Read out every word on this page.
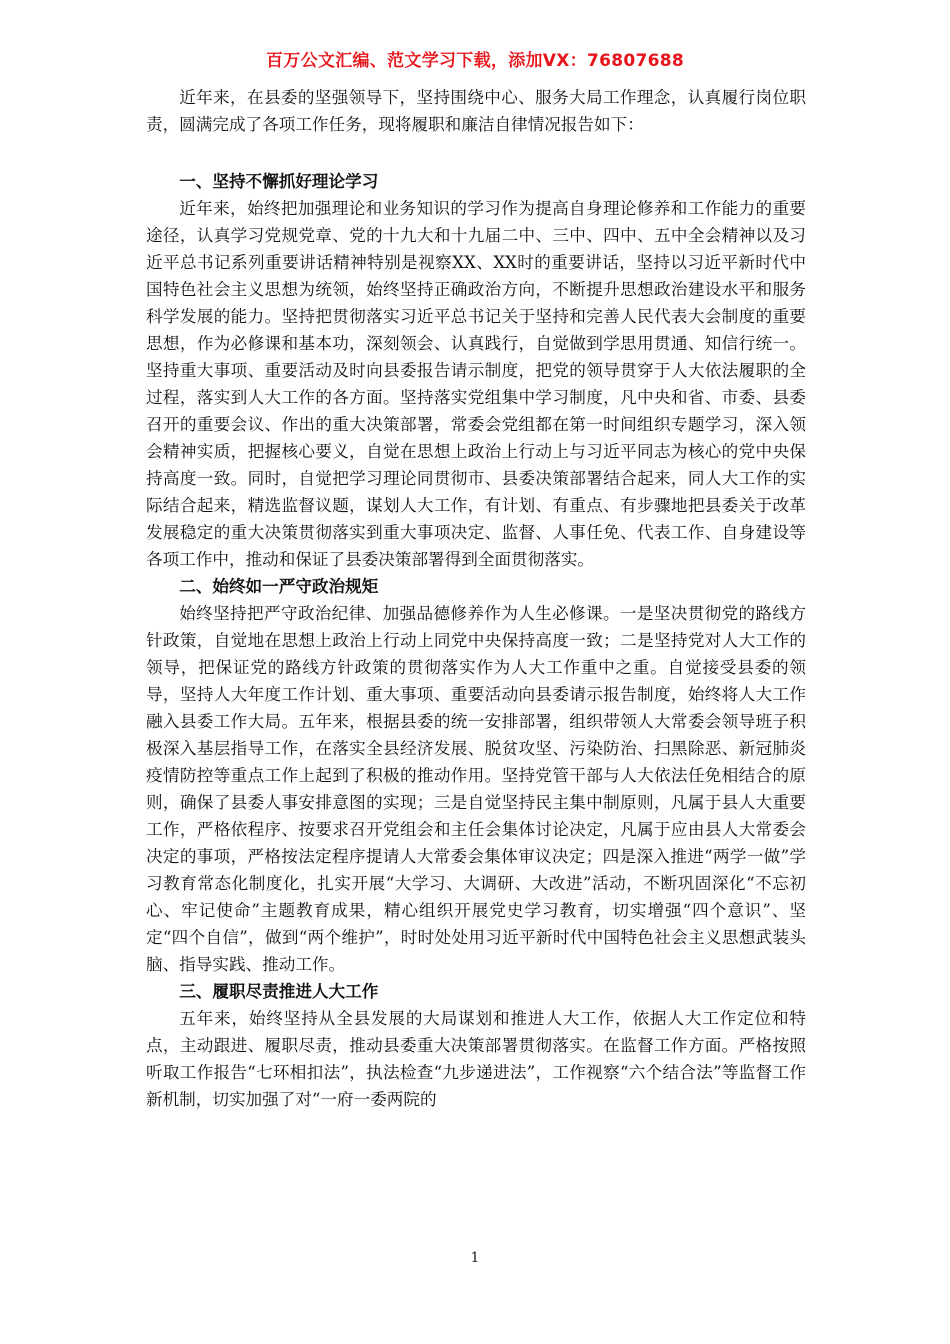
百万公文汇编、范文学习下载，添加VX：76807688

近年来，在县委的坚强领导下，坚持围绕中心、服务大局工作理念，认真履行岗位职责，圆满完成了各项工作任务，现将履职和廉洁自律情况报告如下：

一、坚持不懈抓好理论学习

近年来，始终把加强理论和业务知识的学习作为提高自身理论修养和工作能力的重要途径，认真学习党规党章、党的十九大和十九届二中、三中、四中、五中全会精神以及习近平总书记系列重要讲话精神特别是视察XX、XX时的重要讲话，坚持以习近平新时代中国特色社会主义思想为统领，始终坚持正确政治方向，不断提升思想政治建设水平和服务科学发展的能力。坚持把贯彻落实习近平总书记关于坚持和完善人民代表大会制度的重要思想，作为必修课和基本功，深刻领会、认真践行，自觉做到学思用贯通、知信行统一。坚持重大事项、重要活动及时向县委报告请示制度，把党的领导贯穿于人大依法履职的全过程，落实到人大工作的各方面。坚持落实党组集中学习制度，凡中央和省、市委、县委召开的重要会议、作出的重大决策部署，常委会党组都在第一时间组织专题学习，深入领会精神实质，把握核心要义，自觉在思想上政治上行动上与习近平同志为核心的党中央保持高度一致。同时，自觉把学习理论同贯彻市、县委决策部署结合起来，同人大工作的实际结合起来，精选监督议题，谋划人大工作，有计划、有重点、有步骤地把县委关于改革发展稳定的重大决策贯彻落实到重大事项决定、监督、人事任免、代表工作、自身建设等各项工作中，推动和保证了县委决策部署得到全面贯彻落实。

二、始终如一严守政治规矩

始终坚持把严守政治纪律、加强品德修养作为人生必修课。一是坚决贯彻党的路线方针政策，自觉地在思想上政治上行动上同党中央保持高度一致；二是坚持党对人大工作的领导，把保证党的路线方针政策的贯彻落实作为人大工作重中之重。自觉接受县委的领导，坚持人大年度工作计划、重大事项、重要活动向县委请示报告制度，始终将人大工作融入县委工作大局。五年来，根据县委的统一安排部署，组织带领人大常委会领导班子积极深入基层指导工作，在落实全县经济发展、脱贫攻坚、污染防治、扫黑除恶、新冠肺炎疫情防控等重点工作上起到了积极的推动作用。坚持党管干部与人大依法任免相结合的原则，确保了县委人事安排意图的实现；三是自觉坚持民主集中制原则，凡属于县人大重要工作，严格依程序、按要求召开党组会和主任会集体讨论决定，凡属于应由县人大常委会决定的事项，严格按法定程序提请人大常委会集体审议决定；四是深入推进“两学一做”学习教育常态化制度化，扎实开展“大学习、大调研、大改进”活动，不断巩固深化“不忘初心、牢记使命”主题教育成果，精心组织开展党史学习教育，切实增强“四个意识”、坚定“四个自信”，做到“两个维护”，时时处处用习近平新时代中国特色社会主义思想武装头脑、指导实践、推动工作。

三、履职尽责推进人大工作

五年来，始终坚持从全县发展的大局谋划和推进人大工作，依据人大工作定位和特点，主动跟进、履职尽责，推动县委重大决策部署贯彻落实。在监督工作方面。严格按照听取工作报告“七环相扣法”，执法检查“九步递进法”，工作视察“六个结合法”等监督工作新机制，切实加强了对“一府一委两院的

1
